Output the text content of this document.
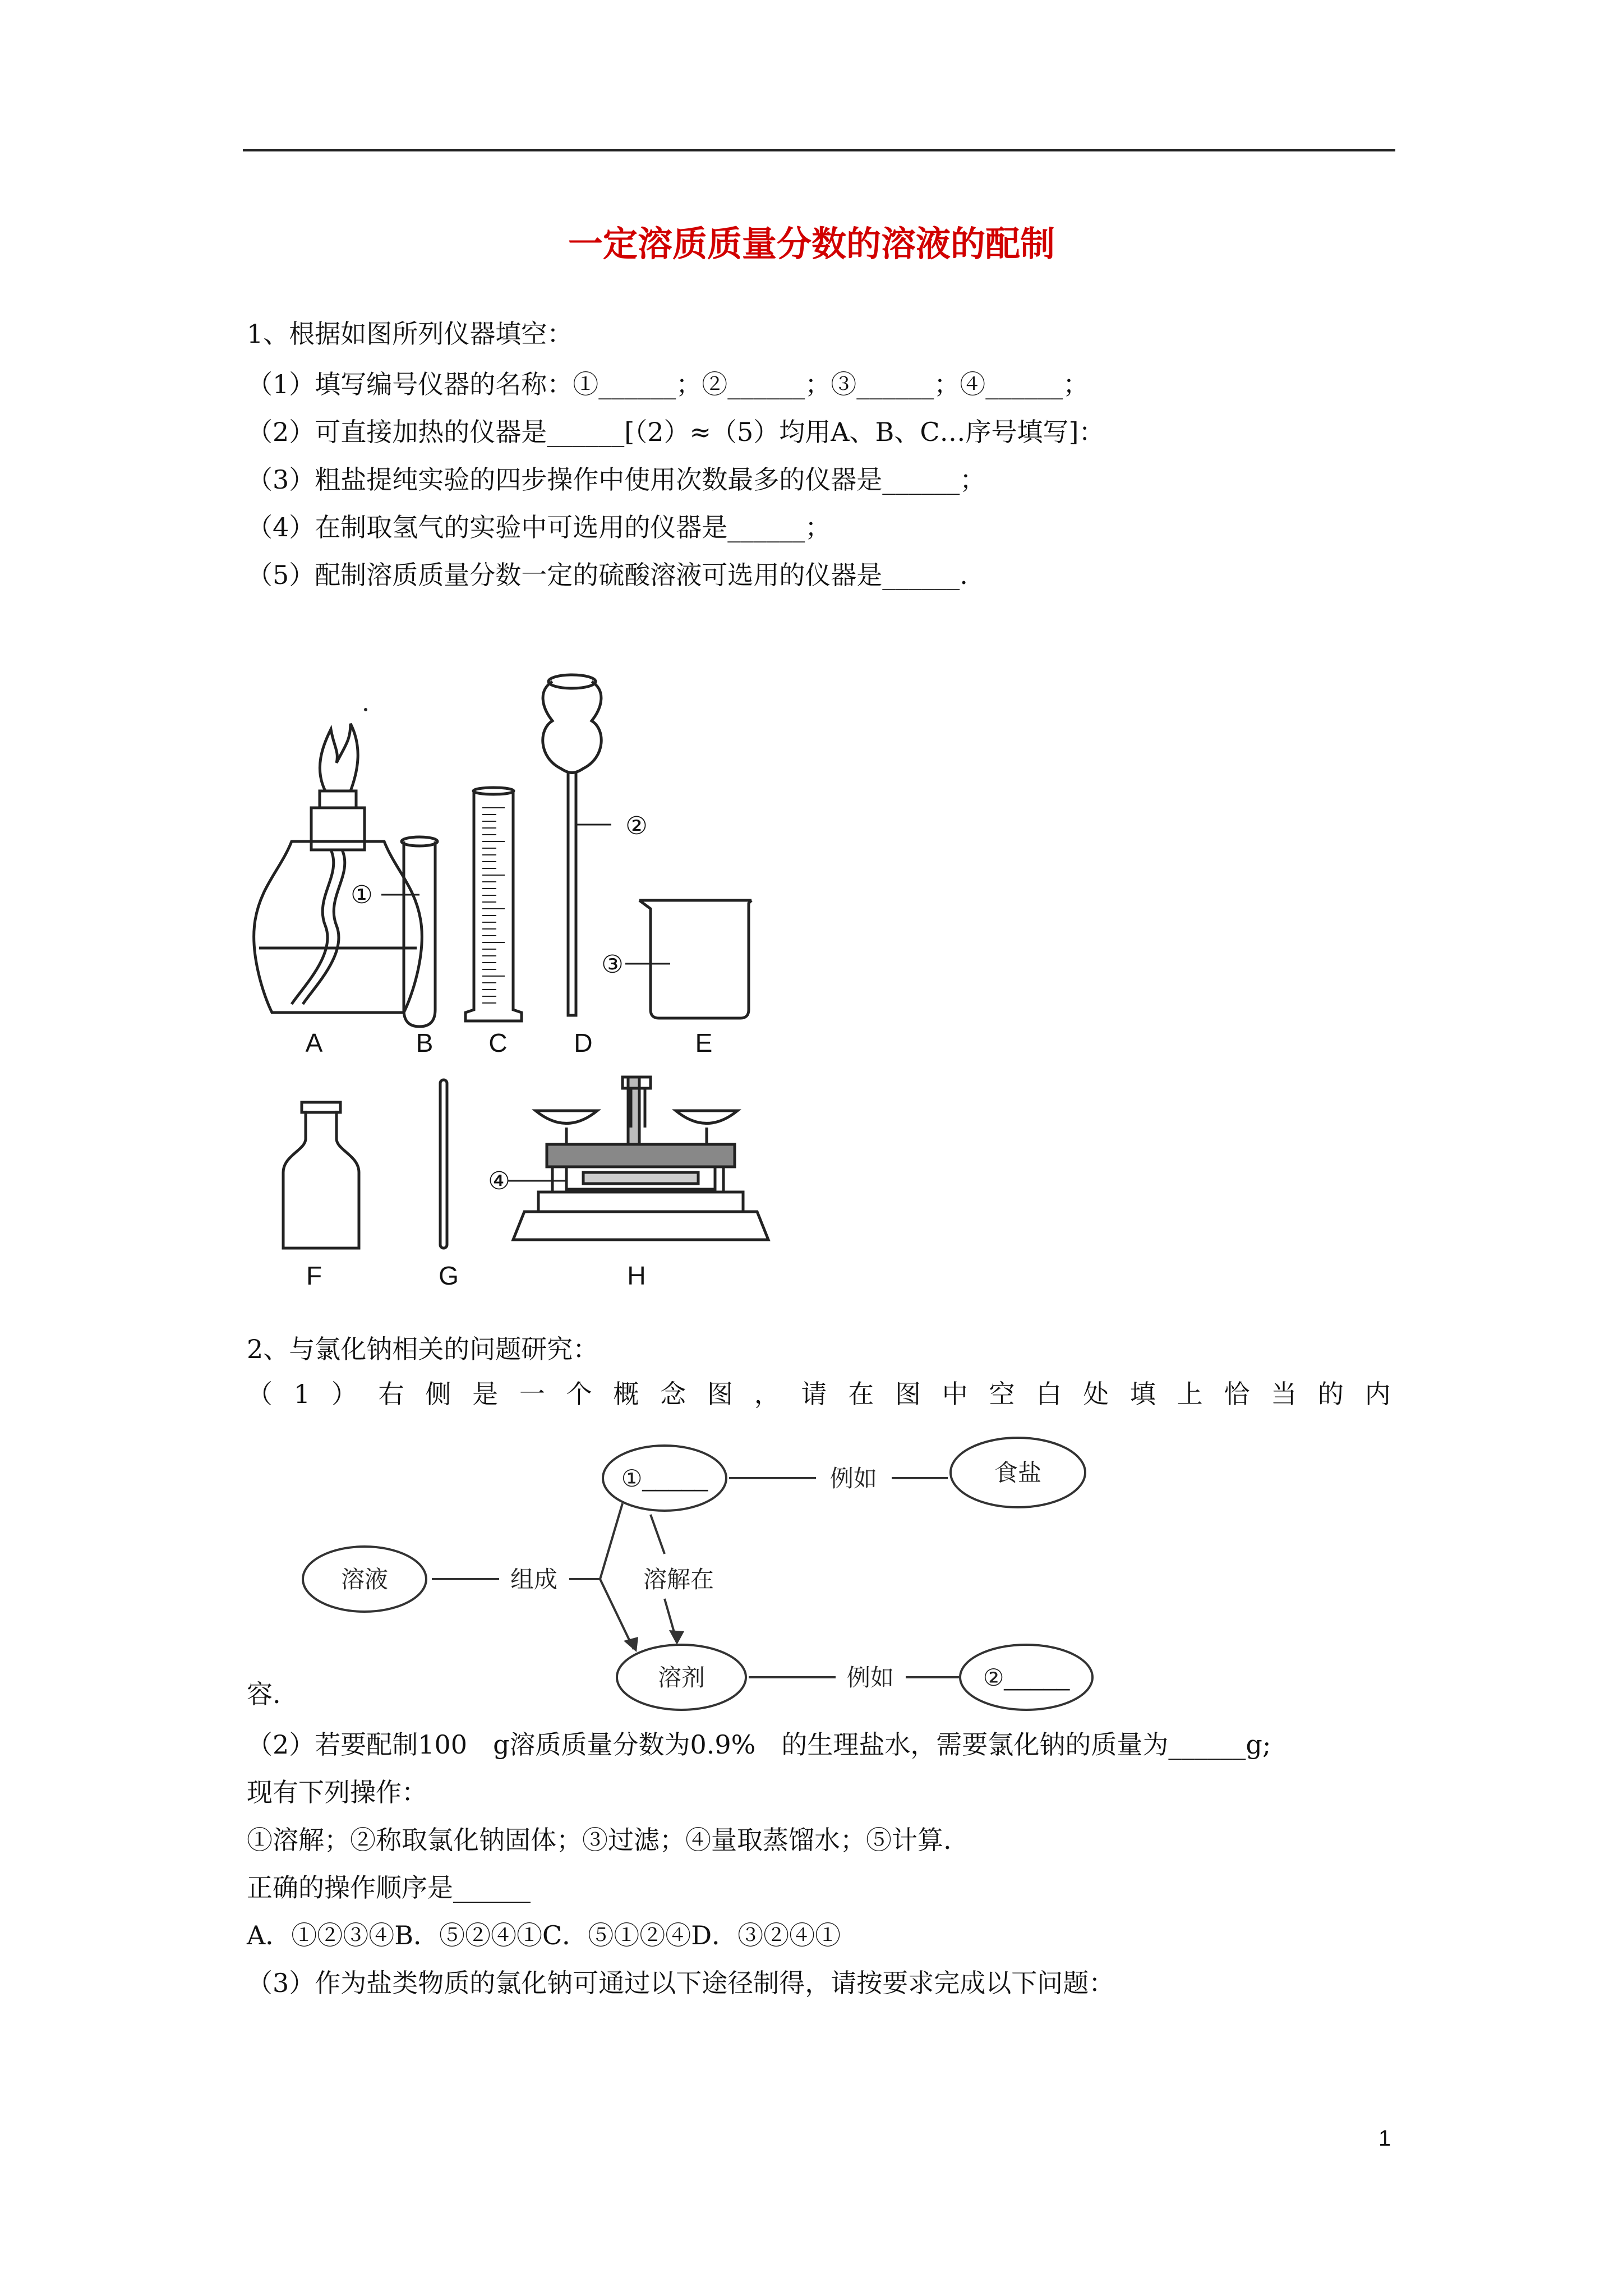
一定溶质质量分数的溶液的配制
1、根据如图所列仪器填空：
（1）填写编号仪器的名称：①______；②______；③______；④______；
（2）可直接加热的仪器是______[（2）≈（5）均用A、B、C…序号填写]：
（3）粗盐提纯实验的四步操作中使用次数最多的仪器是______；
（4）在制取氢气的实验中可选用的仪器是______；
（5）配制溶质质量分数一定的硫酸溶液可选用的仪器是______.
A	B C	D	E
F	G	H
①
②
③
④
2、与氯化钠相关的问题研究：
（ 1 ） 右 侧 是 一 个 概 念 图 ， 请 在 图 中 空 白 处 填 上 恰 当 的 内
溶液	组成
①_____	例如	食盐
溶解在
溶剂	例如	②_____
容.
（2）若要配制100　g溶质质量分数为0.9%　的生理盐水，需要氯化钠的质量为______g;
现有下列操作：
①溶解；②称取氯化钠固体；③过滤；④量取蒸馏水；⑤计算.
正确的操作顺序是______
A．①②③④B．⑤②④①C．⑤①②④D．③②④①
（3）作为盐类物质的氯化钠可通过以下途径制得，请按要求完成以下问题：
1
